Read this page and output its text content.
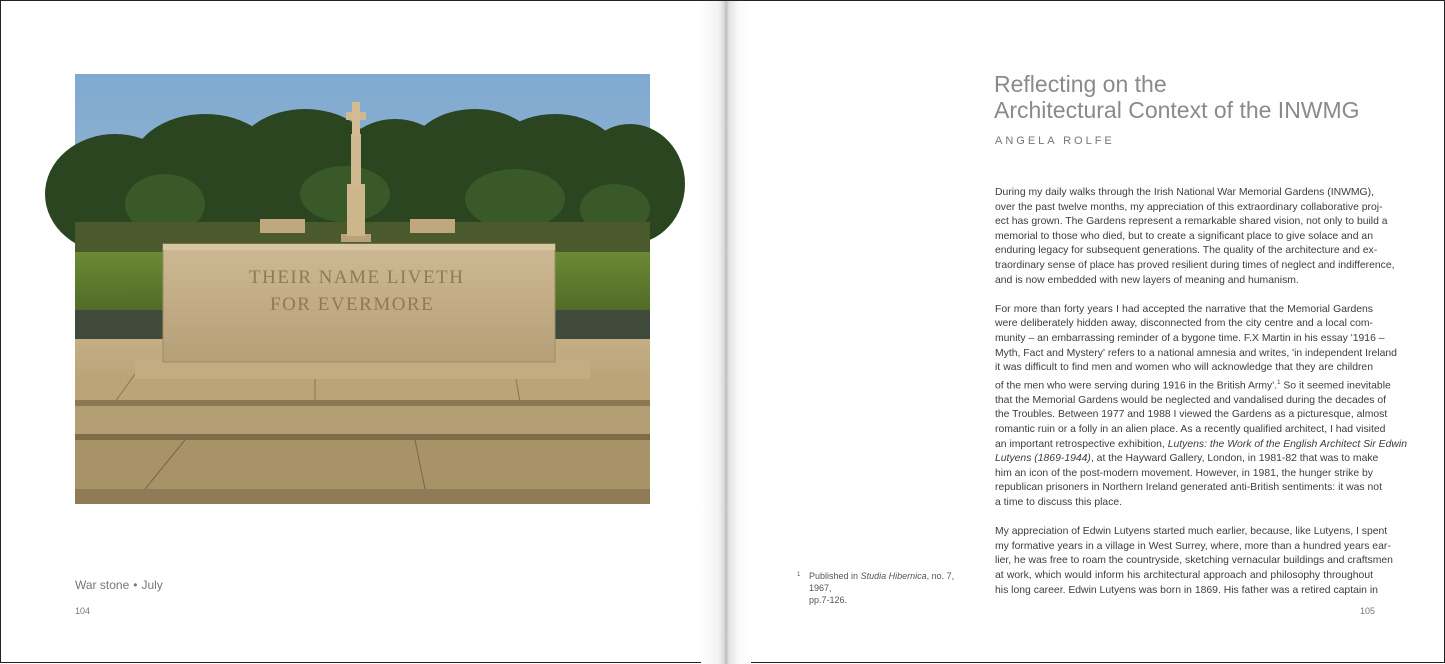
THEIR NAME LIVETH
FOR EVERMORE
War stone • July
104
1 Published in Studia Hibernica, no. 7, 1967,
pp.7-126.
Reflecting on the
Architectural Context of the INWMG
ANGELA ROLFE

During my daily walks through the Irish National War Memorial Gardens (INWMG),
over the past twelve months, my appreciation of this extraordinary collaborative proj-
ect has grown. The Gardens represent a remarkable shared vision, not only to build a
memorial to those who died, but to create a significant place to give solace and an
enduring legacy for subsequent generations. The quality of the architecture and ex-
traordinary sense of place has proved resilient during times of neglect and indifference,
and is now embedded with new layers of meaning and humanism.

For more than forty years I had accepted the narrative that the Memorial Gardens
were deliberately hidden away, disconnected from the city centre and a local com-
munity – an embarrassing reminder of a bygone time. F.X Martin in his essay '1916 –
Myth, Fact and Mystery' refers to a national amnesia and writes, 'in independent Ireland
it was difficult to find men and women who will acknowledge that they are children
of the men who were serving during 1916 in the British Army'.$^1$ So it seemed inevitable
that the Memorial Gardens would be neglected and vandalised during the decades of
the Troubles. Between 1977 and 1988 I viewed the Gardens as a picturesque, almost
romantic ruin or a folly in an alien place. As a recently qualified architect, I had visited
an important retrospective exhibition, Lutyens: the Work of the English Architect Sir Edwin
Lutyens (1869-1944), at the Hayward Gallery, London, in 1981-82 that was to make
him an icon of the post-modern movement. However, in 1981, the hunger strike by
republican prisoners in Northern Ireland generated anti-British sentiments: it was not
a time to discuss this place.

My appreciation of Edwin Lutyens started much earlier, because, like Lutyens, I spent
my formative years in a village in West Surrey, where, more than a hundred years ear-
lier, he was free to roam the countryside, sketching vernacular buildings and craftsmen
at work, which would inform his architectural approach and philosophy throughout
his long career. Edwin Lutyens was born in 1869. His father was a retired captain in

105
